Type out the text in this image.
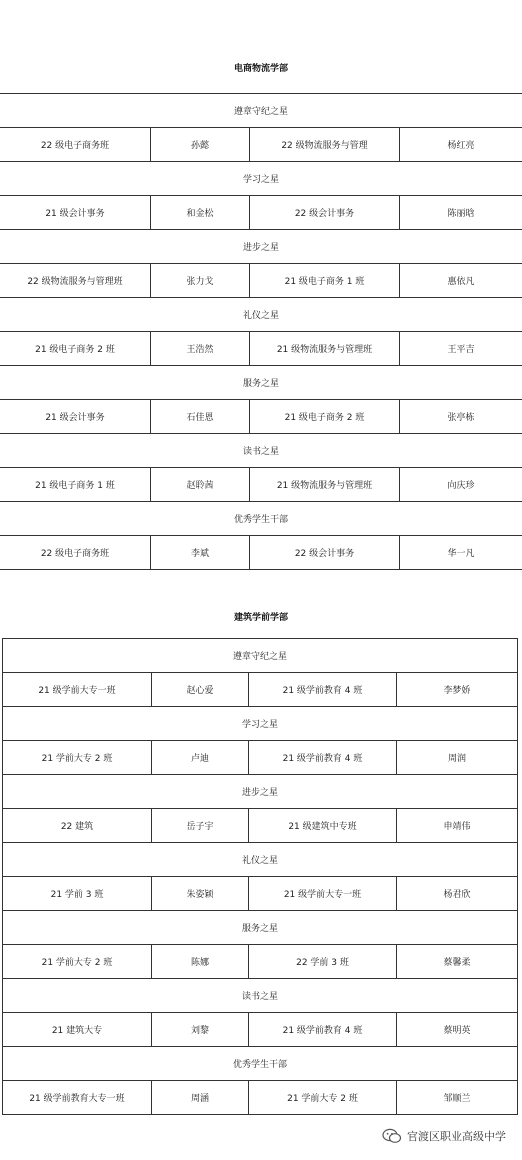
电商物流学部
遵章守纪之星			
22 级电子商务班	孙懿	22 级物流服务与管理	杨红亮
学习之星			
21 级会计事务	和金松	22 级会计事务	陈丽晗
进步之星			
22 级物流服务与管理班	张力戈	21 级电子商务 1 班	惠依凡
礼仪之星			
21 级电子商务 2 班	王浩然	21 级物流服务与管理班	王平吉
服务之星			
21 级会计事务	石佳恩	21 级电子商务 2 班	张亭栋
读书之星			
21 级电子商务 1 班	赵聆茜	21 级物流服务与管理班	向庆珍
优秀学生干部			
22 级电子商务班	李斌	22 级会计事务	华一凡
建筑学前学部
遵章守纪之星			
21 级学前大专一班	赵心爱	21 级学前教育 4 班	李梦娇
学习之星			
21 学前大专 2 班	卢迪	21 级学前教育 4 班	周润
进步之星			
22 建筑	岳子宇	21 级建筑中专班	申靖伟
礼仪之星			
21 学前 3 班	朱姿颖	21 级学前大专一班	杨君欣
服务之星			
21 学前大专 2 班	陈娜	22 学前 3 班	蔡馨柔
读书之星			
21 建筑大专	刘黎	21 级学前教育 4 班	蔡明英
优秀学生干部			
21 级学前教育大专一班	周涵	21 学前大专 2 班	邹顺兰
官渡区职业高级中学
